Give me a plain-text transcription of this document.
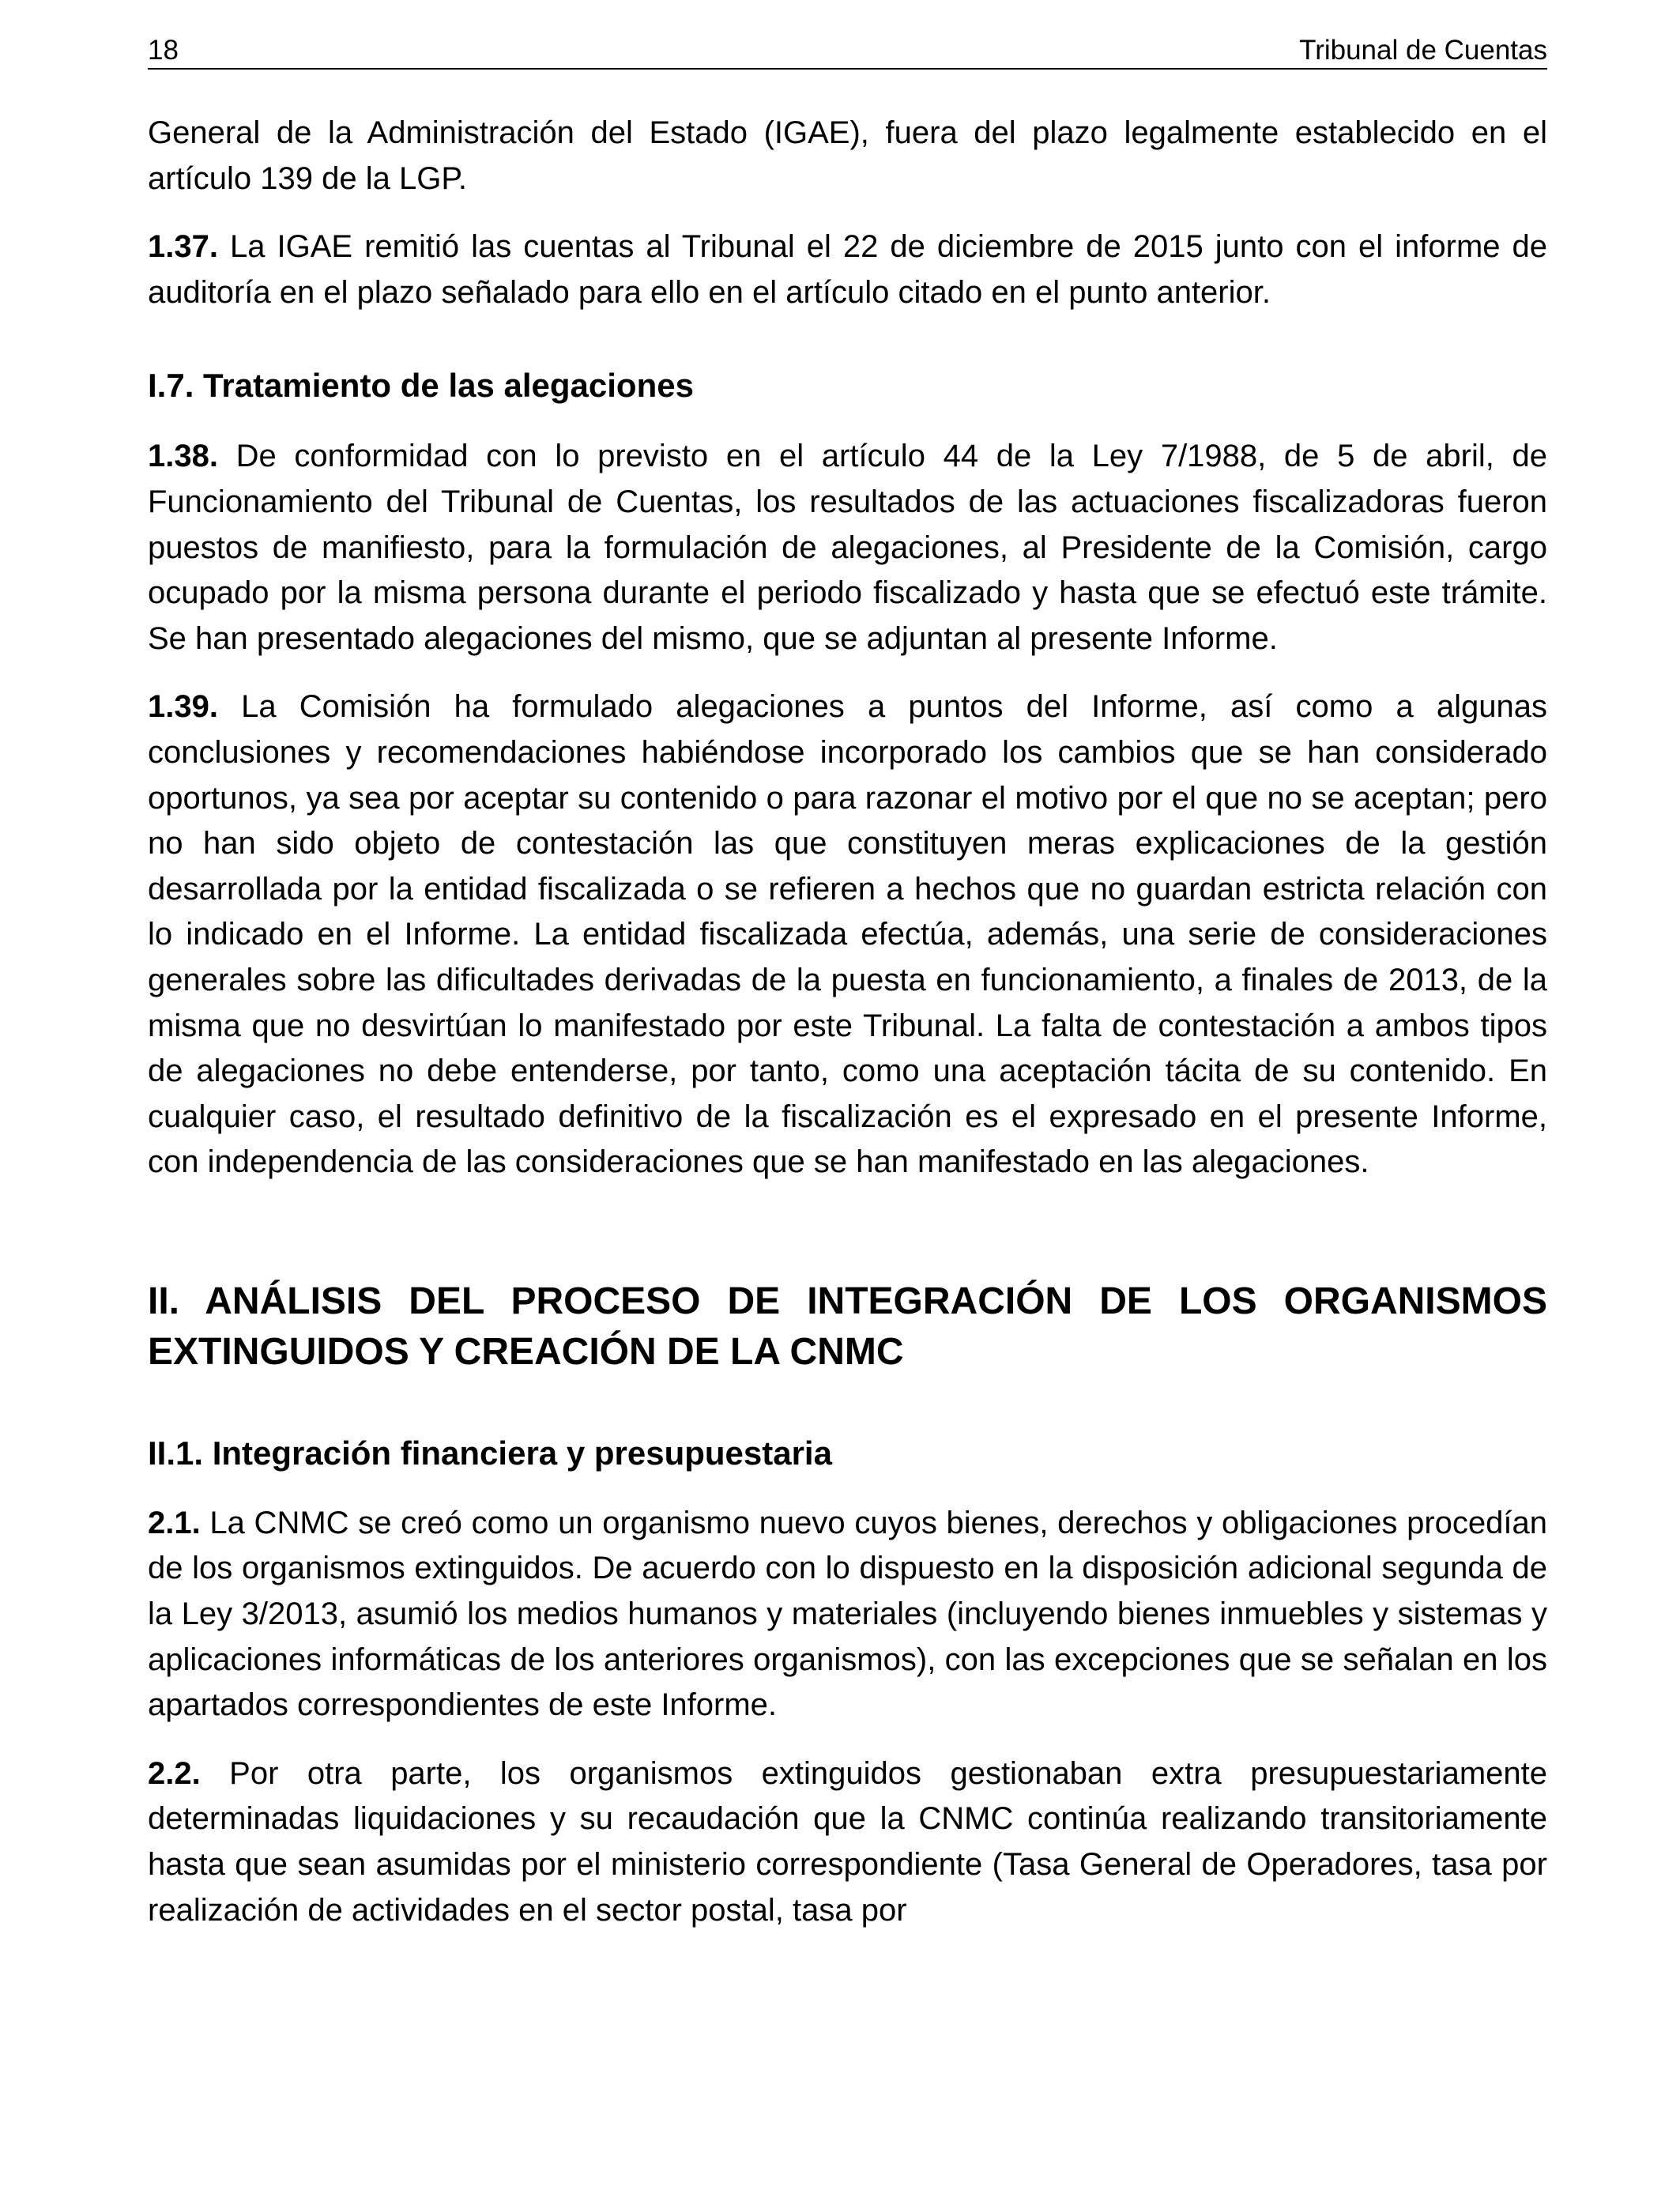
18	Tribunal de Cuentas

General de la Administración del Estado (IGAE), fuera del plazo legalmente establecido en el artículo 139 de la LGP.

1.37. La IGAE remitió las cuentas al Tribunal el 22 de diciembre de 2015 junto con el informe de auditoría en el plazo señalado para ello en el artículo citado en el punto anterior.

I.7. Tratamiento de las alegaciones

1.38. De conformidad con lo previsto en el artículo 44 de la Ley 7/1988, de 5 de abril, de Funcionamiento del Tribunal de Cuentas, los resultados de las actuaciones fiscalizadoras fueron puestos de manifiesto, para la formulación de alegaciones, al Presidente de la Comisión, cargo ocupado por la misma persona durante el periodo fiscalizado y hasta que se efectuó este trámite. Se han presentado alegaciones del mismo, que se adjuntan al presente Informe.

1.39. La Comisión ha formulado alegaciones a puntos del Informe, así como a algunas conclusiones y recomendaciones habiéndose incorporado los cambios que se han considerado oportunos, ya sea por aceptar su contenido o para razonar el motivo por el que no se aceptan; pero no han sido objeto de contestación las que constituyen meras explicaciones de la gestión desarrollada por la entidad fiscalizada o se refieren a hechos que no guardan estricta relación con lo indicado en el Informe. La entidad fiscalizada efectúa, además, una serie de consideraciones generales sobre las dificultades derivadas de la puesta en funcionamiento, a finales de 2013, de la misma que no desvirtúan lo manifestado por este Tribunal. La falta de contestación a ambos tipos de alegaciones no debe entenderse, por tanto, como una aceptación tácita de su contenido. En cualquier caso, el resultado definitivo de la fiscalización es el expresado en el presente Informe, con independencia de las consideraciones que se han manifestado en las alegaciones.

II. ANÁLISIS DEL PROCESO DE INTEGRACIÓN DE LOS ORGANISMOS EXTINGUIDOS Y CREACIÓN DE LA CNMC
II.1. Integración financiera y presupuestaria

2.1. La CNMC se creó como un organismo nuevo cuyos bienes, derechos y obligaciones procedían de los organismos extinguidos. De acuerdo con lo dispuesto en la disposición adicional segunda de la Ley 3/2013, asumió los medios humanos y materiales (incluyendo bienes inmuebles y sistemas y aplicaciones informáticas de los anteriores organismos), con las excepciones que se señalan en los apartados correspondientes de este Informe.

2.2. Por otra parte, los organismos extinguidos gestionaban extra presupuestariamente determinadas liquidaciones y su recaudación que la CNMC continúa realizando transitoriamente hasta que sean asumidas por el ministerio correspondiente (Tasa General de Operadores, tasa por realización de actividades en el sector postal, tasa por
